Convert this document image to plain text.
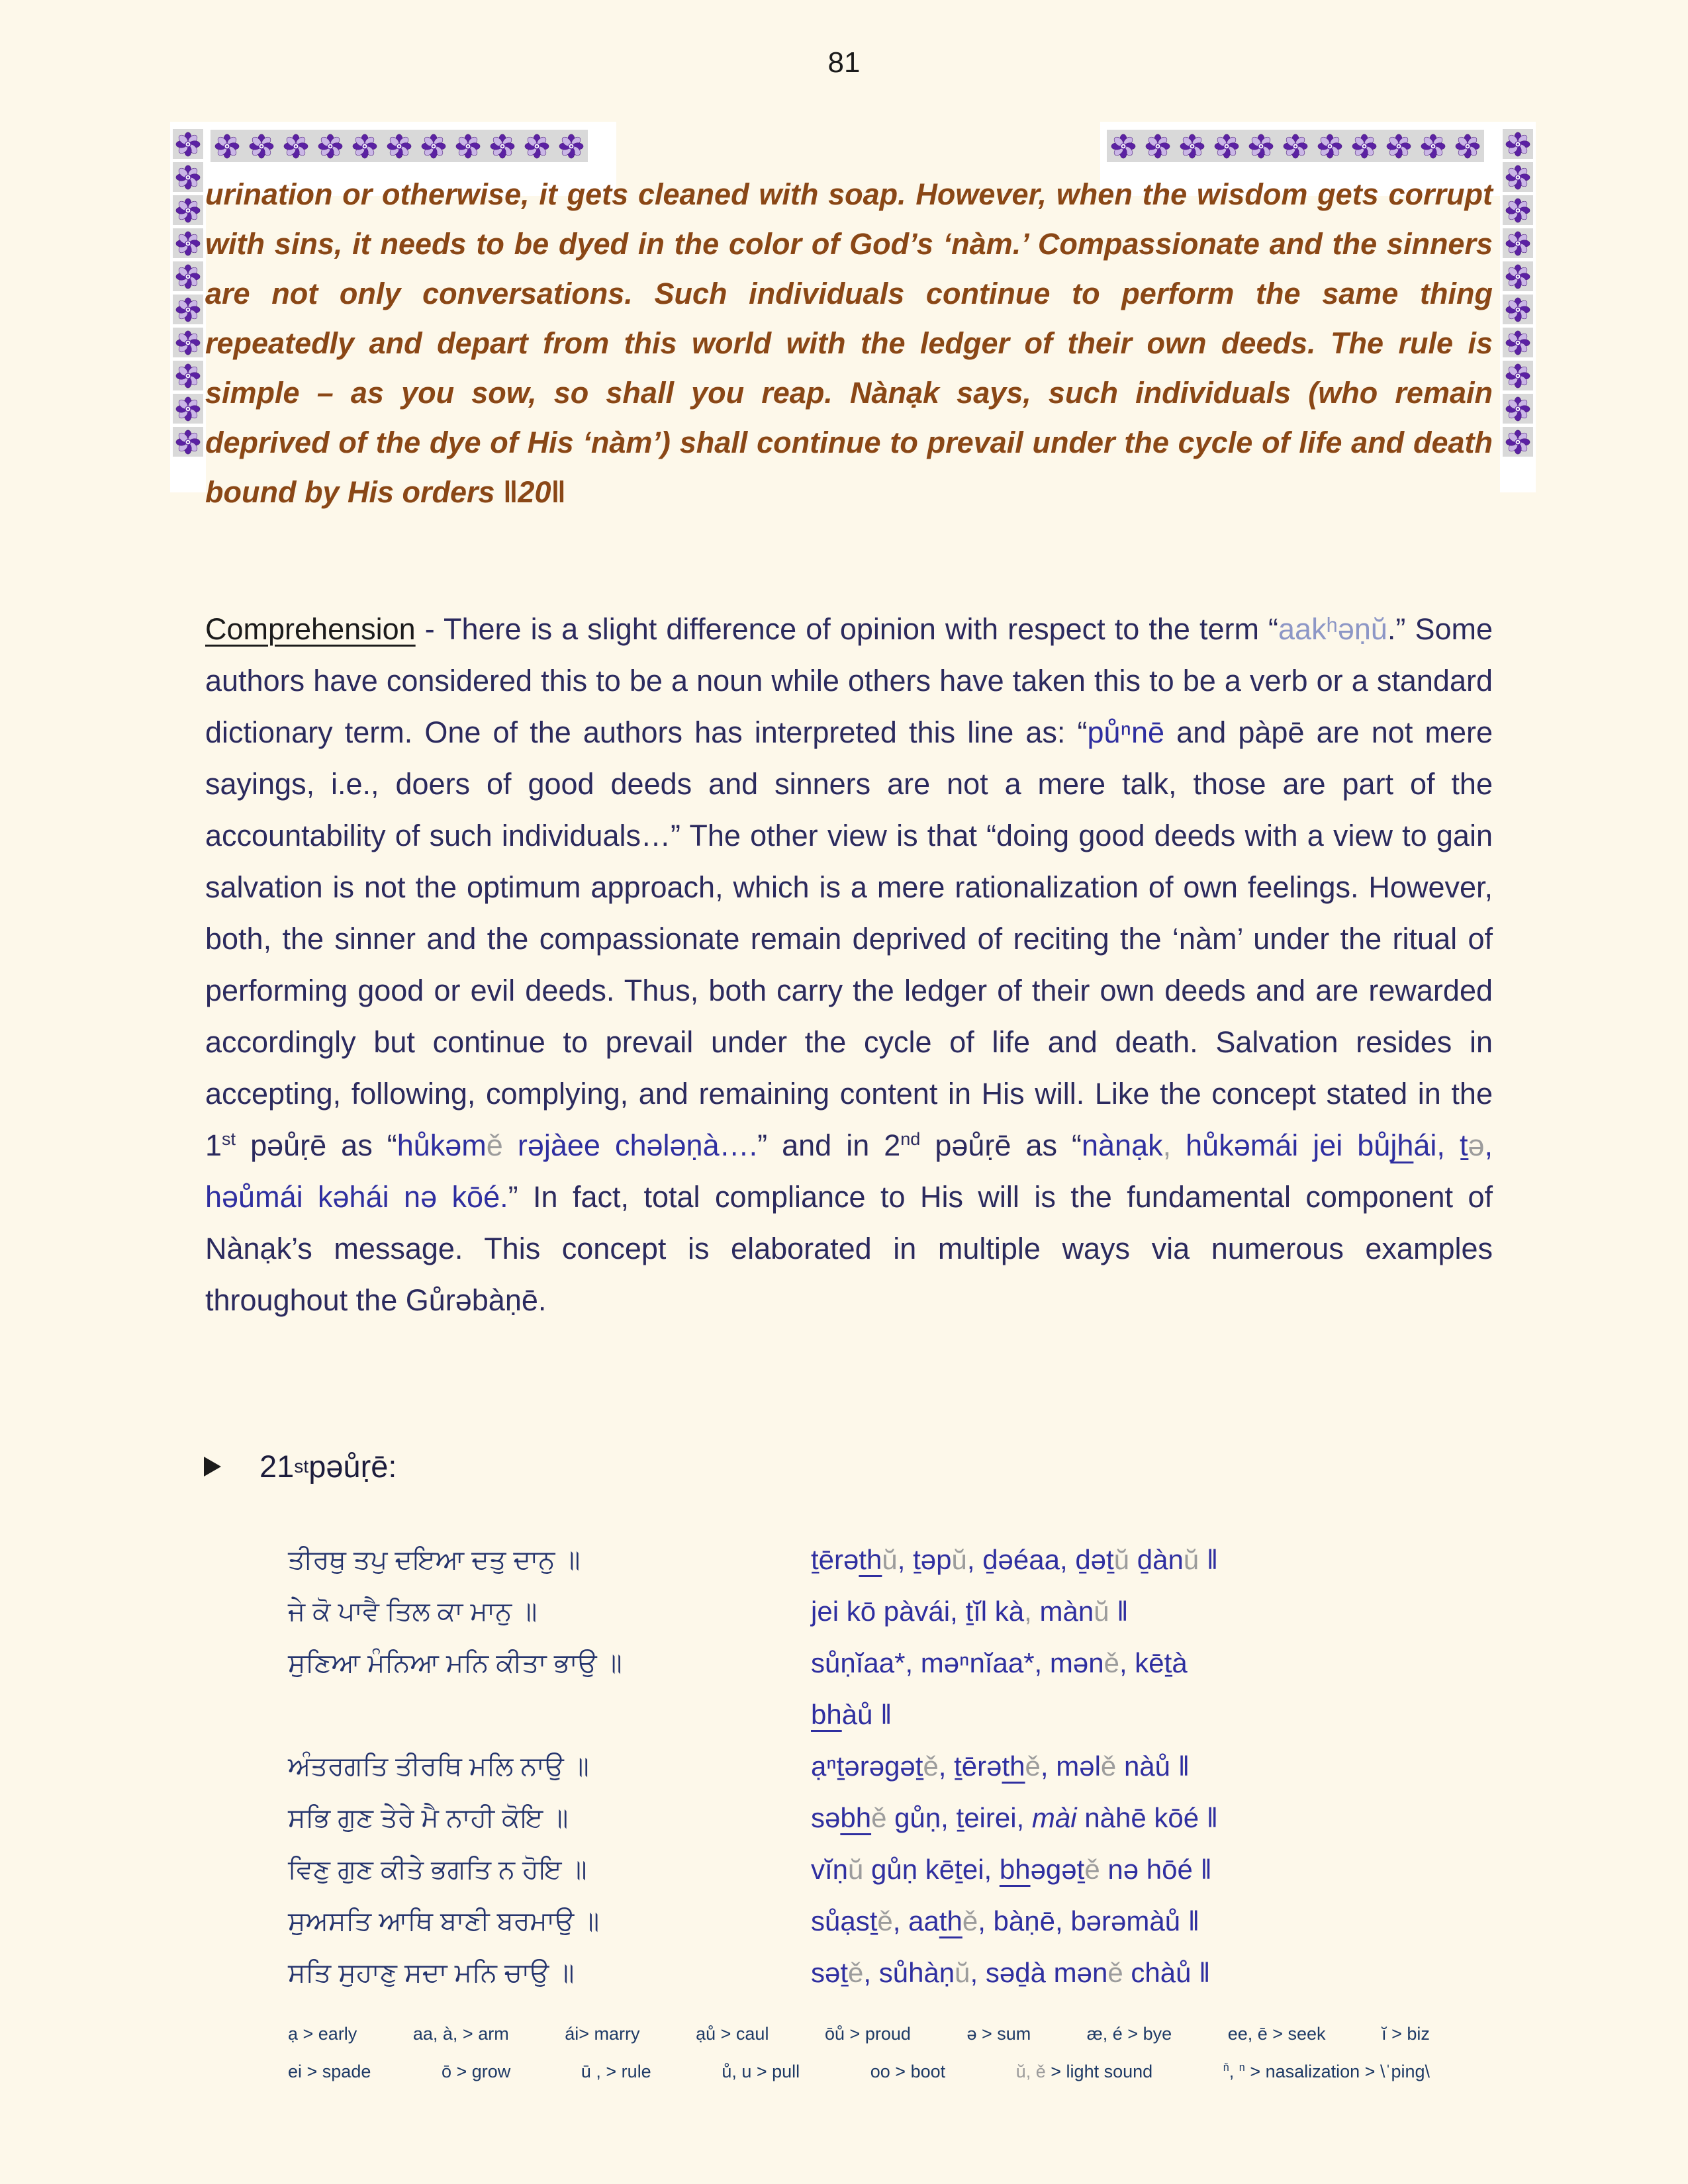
81
urination or otherwise, it gets cleaned with soap. However, when the wisdom gets corrupt with sins, it needs to be dyed in the color of God’s ‘nàm.’ Compassionate and the sinners are not only conversations. Such individuals continue to perform the same thing repeatedly and depart from this world with the ledger of their own deeds. The rule is simple – as you sow, so shall you reap. Nànạk says, such individuals (who remain deprived of the dye of His ‘nàm’) shall continue to prevail under the cycle of life and death bound by His orders ‖20‖
Comprehension - There is a slight difference of opinion with respect to the term “aakʰəṇŭ.” Some authors have considered this to be a noun while others have taken this to be a verb or a standard dictionary term. One of the authors has interpreted this line as: “půⁿnē and pàpē are not mere sayings, i.e., doers of good deeds and sinners are not a mere talk, those are part of the accountability of such individuals…” The other view is that “doing good deeds with a view to gain salvation is not the optimum approach, which is a mere rationalization of own feelings. However, both, the sinner and the compassionate remain deprived of reciting the ‘nàm’ under the ritual of performing good or evil deeds. Thus, both carry the ledger of their own deeds and are rewarded accordingly but continue to prevail under the cycle of life and death. Salvation resides in accepting, following, complying, and remaining content in His will. Like the concept stated in the 1st pəůṛē as “hůkəmě rəjàee chələṇà….” and in 2nd pəůṛē as “nànạk, hůkəmái jei bůjhái, ṯə, həůmái kəhái nə kōé.” In fact, total compliance to His will is the fundamental component of Nànạk’s message. This concept is elaborated in multiple ways via numerous examples throughout the Gůrəbàṇē.
21 st pəůṛē:
ਤੀਰਥੁ ਤਪੁ ਦਇਆ ਦਤੁ ਦਾਨੁ ॥	ṯērəthŭ, ṯəpŭ, ḏəéaa, ḏəṯŭ ḏànŭ ‖
ਜੇ ਕੋ ਪਾਵੈ ਤਿਲ ਕਾ ਮਾਨੁ ॥	jei kō pàvái, ṯĭl kà, mànŭ ‖
ਸੁਣਿਆ ਮੰਨਿਆ ਮਨਿ ਕੀਤਾ ਭਾਉ ॥	sůṇĭaa*, məⁿnĭaa*, məně, kēṯà
bhàů ‖
ਅੰਤਰਗਤਿ ਤੀਰਥਿ ਮਲਿ ਨਾਉ ॥	ạⁿṯərəgəṯě, ṯērəthě, məlě nàů ‖
ਸਭਿ ਗੁਣ ਤੇਰੇ ਮੈ ਨਾਹੀ ਕੋਇ ॥	səbhě gůṇ, ṯeirei, mài nàhē kōé ‖
ਵਿਣੁ ਗੁਣ ਕੀਤੇ ਭਗਤਿ ਨ ਹੋਇ ॥	vĭṇŭ gůṇ kēṯei, bhəgəṯě nə hōé ‖
ਸੁਅਸਤਿ ਆਥਿ ਬਾਣੀ ਬਰਮਾਉ ॥	sůạsṯě, aathě, bàṇē, bərəmàů ‖
ਸਤਿ ਸੁਹਾਣੁ ਸਦਾ ਮਨਿ ਚਾਉ ॥	səṯě, sůhàṇŭ, səḏà məně chàů ‖
ạ > early	aa, à, > arm	ái> marry	ạů > caul	ōů > proud	ə > sum	æ, é > bye	ee, ē > seek	ĭ > biz
ei > spade	ō > grow	ū , > rule	ů, u > pull	oo > boot	ŭ, ě > light sound	$^ň$, $^n$ > nasalization > \ˈping\
